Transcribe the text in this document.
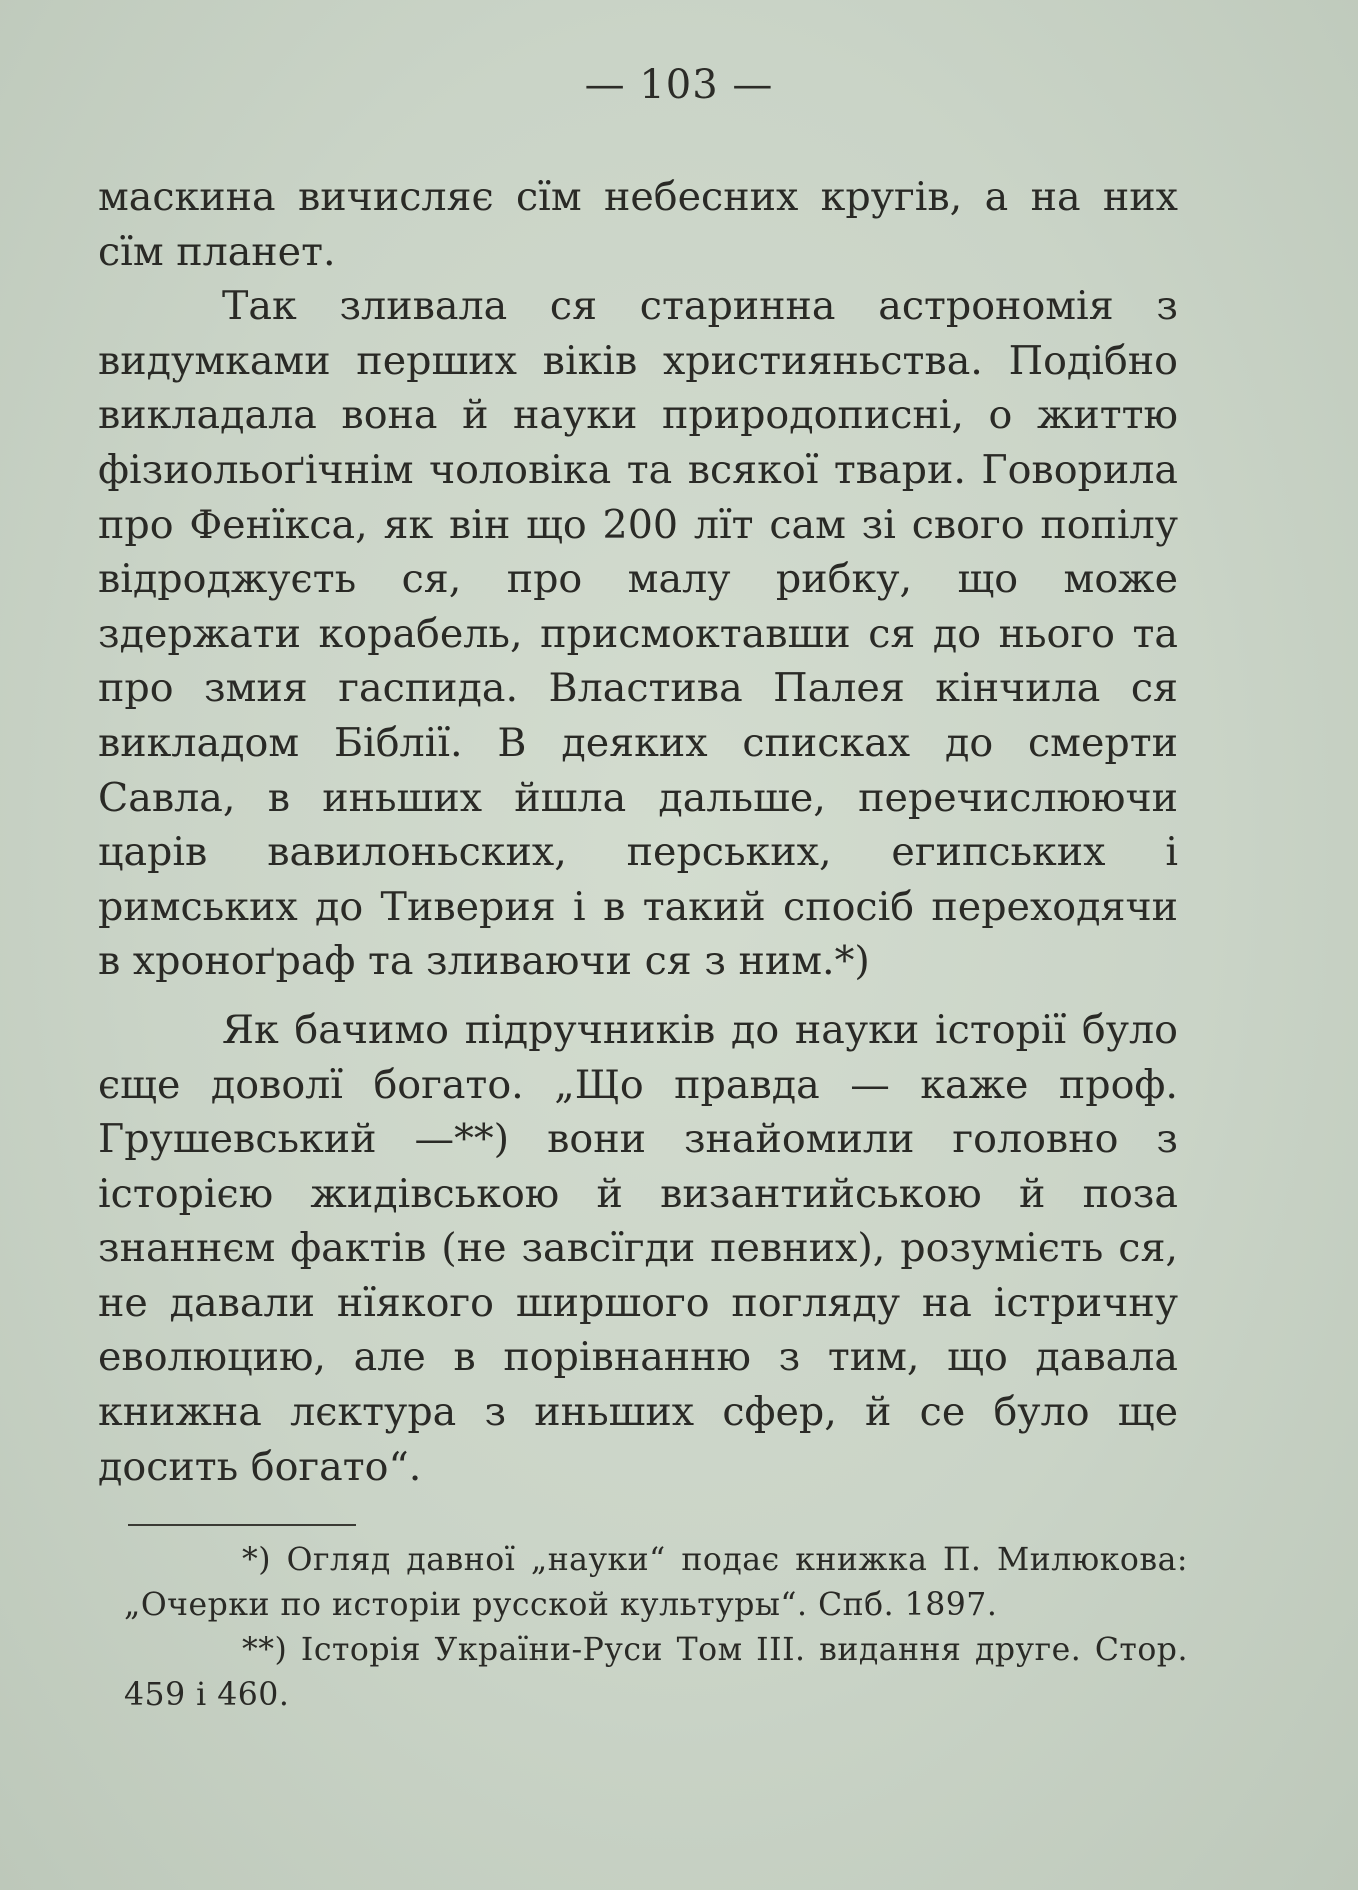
— 103 —

маскина вичисляє сїм небесних кругів, а на них сїм планет.

Так зливала ся старинна астрономія з видумками перших віків християньства. Подібно викладала вона й науки природописні, о життю фізиольоґічнім чоловіка та всякої твари. Говорила про Фенїкса, як він що 200 лїт сам зі свого попілу відроджуєть ся, про малу рибку, що може здержати корабель, присмоктавши ся до нього та про змия гаспида. Властива Палея кінчила ся викладом Біблії. В деяких списках до смерти Савла, в иньших йшла дальше, перечислюючи царів вавилоньских, перських, египських і римських до Тиверия і в такий спосіб переходячи в хроноґраф та зливаючи ся з ним.*)

Як бачимо підручників до науки історії було єще доволї богато. „Що правда — каже проф. Грушевський —**) вони знайомили головно з історією жидівською й византийською й поза знаннєм фактів (не завсїгди певних), розумієть ся, не давали нїякого ширшого погляду на істричну еволюцию, але в порівнанню з тим, що давала книжна лєктура з иньших сфер, й се було ще досить богато“.

*) Огляд давної „науки“ подає книжка П. Милюкова: „Очерки по исторіи русской культуры“. Спб. 1897.

**) Історія України-Руси Том III. видання друге. Стор. 459 і 460.
